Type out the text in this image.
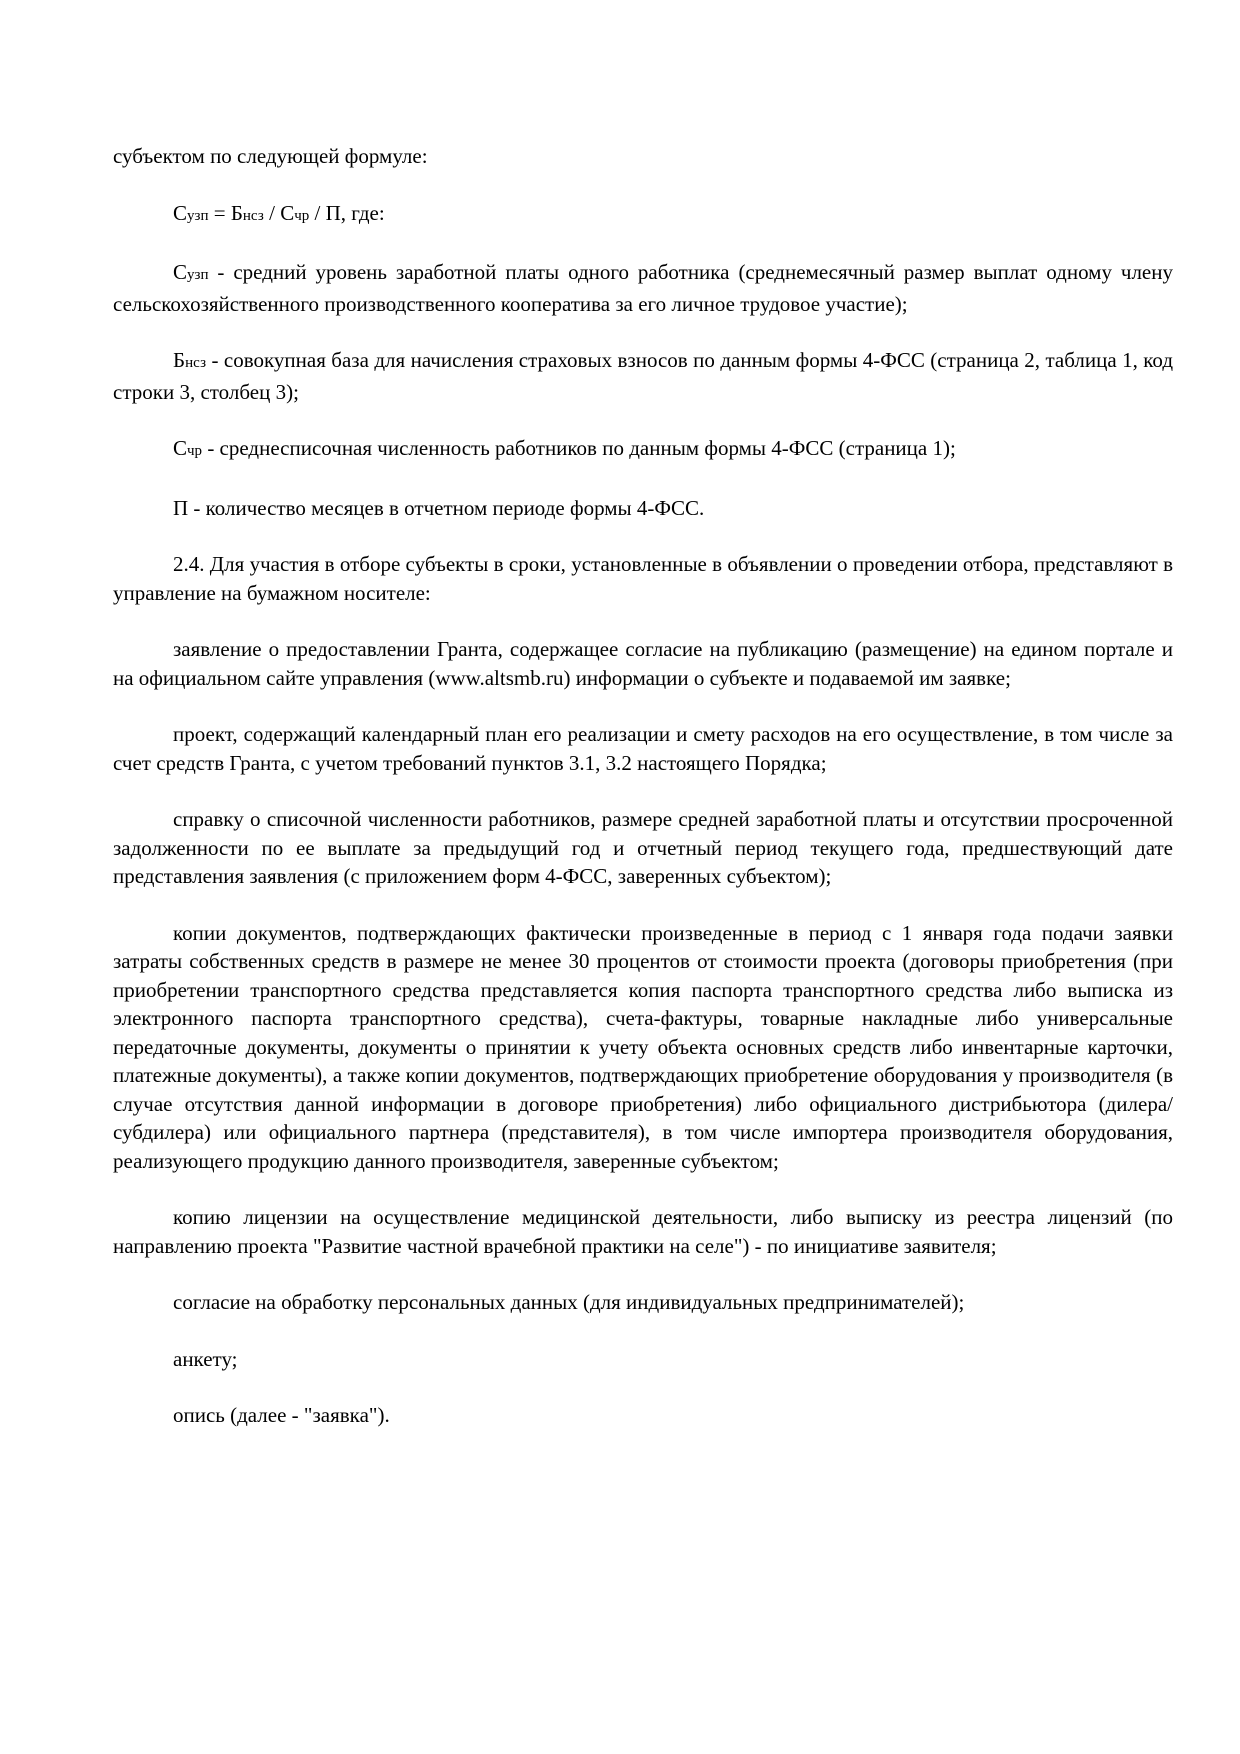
субъектом по следующей формуле:

Сузп = Бнсз / Счр / П, где:

Сузп - средний уровень заработной платы одного работника (среднемесячный размер выплат одному члену сельскохозяйственного производственного кооператива за его личное трудовое участие);

Бнсз - совокупная база для начисления страховых взносов по данным формы 4-ФСС (страница 2, таблица 1, код строки 3, столбец 3);

Счр - среднесписочная численность работников по данным формы 4-ФСС (страница 1);

П - количество месяцев в отчетном периоде формы 4-ФСС.

2.4. Для участия в отборе субъекты в сроки, установленные в объявлении о проведении отбора, представляют в управление на бумажном носителе:

заявление о предоставлении Гранта, содержащее согласие на публикацию (размещение) на едином портале и на официальном сайте управления (www.altsmb.ru) информации о субъекте и подаваемой им заявке;

проект, содержащий календарный план его реализации и смету расходов на его осуществление, в том числе за счет средств Гранта, с учетом требований пунктов 3.1, 3.2 настоящего Порядка;

справку о списочной численности работников, размере средней заработной платы и отсутствии просроченной задолженности по ее выплате за предыдущий год и отчетный период текущего года, предшествующий дате представления заявления (с приложением форм 4-ФСС, заверенных субъектом);

копии документов, подтверждающих фактически произведенные в период с 1 января года подачи заявки затраты собственных средств в размере не менее 30 процентов от стоимости проекта (договоры приобретения (при приобретении транспортного средства представляется копия паспорта транспортного средства либо выписка из электронного паспорта транспортного средства), счета-фактуры, товарные накладные либо универсальные передаточные документы, документы о принятии к учету объекта основных средств либо инвентарные карточки, платежные документы), а также копии документов, подтверждающих приобретение оборудования у производителя (в случае отсутствия данной информации в договоре приобретения) либо официального дистрибьютора (дилера/субдилера) или официального партнера (представителя), в том числе импортера производителя оборудования, реализующего продукцию данного производителя, заверенные субъектом;

копию лицензии на осуществление медицинской деятельности, либо выписку из реестра лицензий (по направлению проекта "Развитие частной врачебной практики на селе") - по инициативе заявителя;

согласие на обработку персональных данных (для индивидуальных предпринимателей);

анкету;

опись (далее - "заявка").
